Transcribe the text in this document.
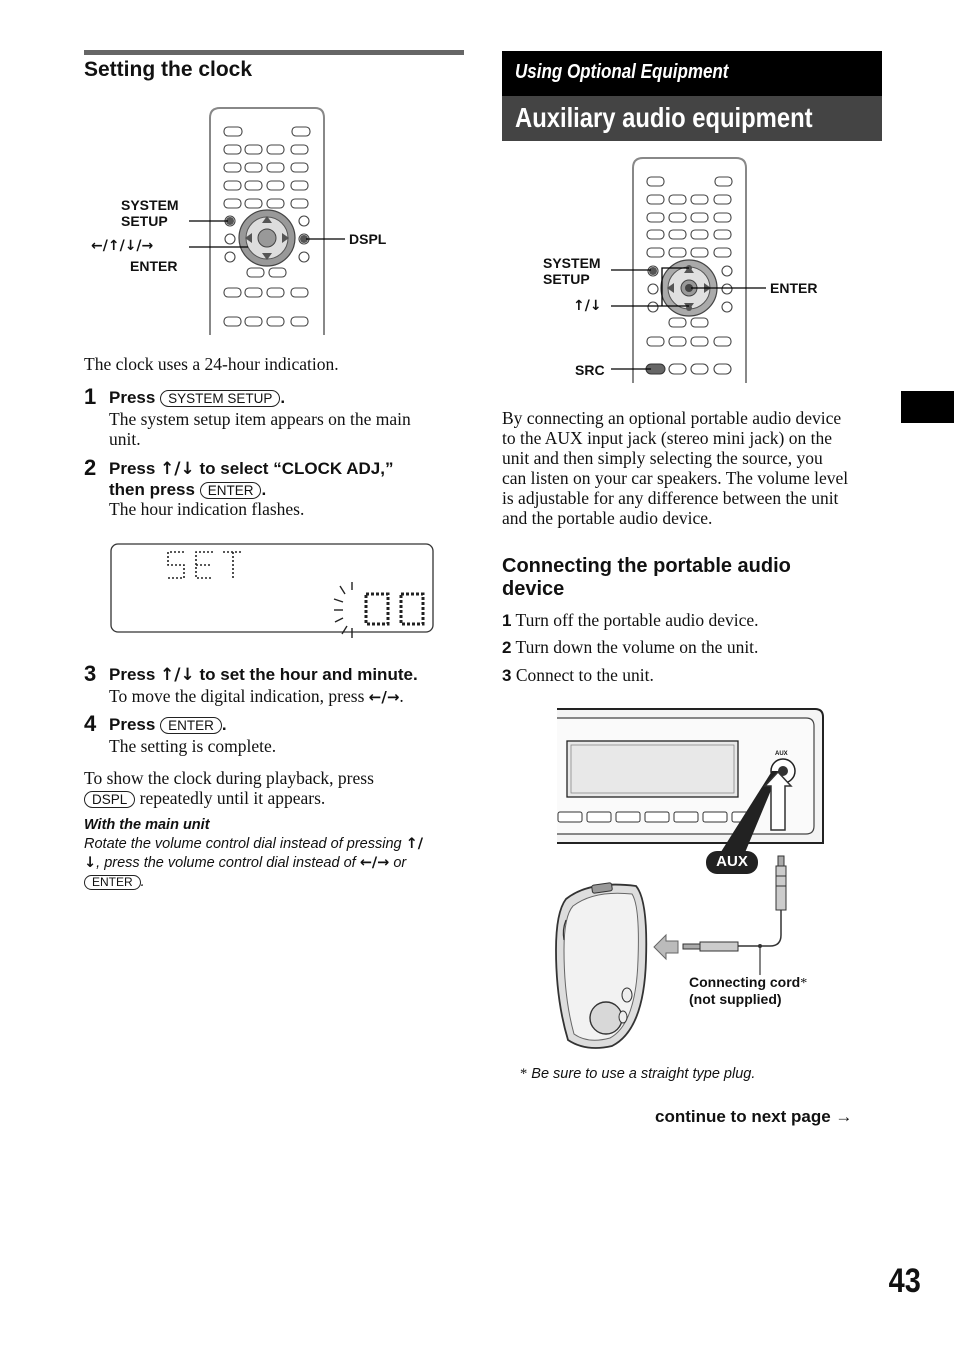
Setting the clock
SYSTEM
SETUP
←/↑/↓/→
ENTER
DSPL
The clock uses a 24-hour indication.
1 Press SYSTEM SETUP .
The system setup item appears on the main
unit.
2 Press ↑/↓ to select “CLOCK ADJ,”
then press ENTER .
The hour indication flashes.
3 Press ↑/↓ to set the hour and minute.
To move the digital indication, press ←/→.
4 Press ENTER .
The setting is complete.
To show the clock during playback, press
DSPL repeatedly until it appears.
With the main unit
Rotate the volume control dial instead of pressing ↑/
↓, press the volume control dial instead of ←/→ or
ENTER .
Using Optional Equipment
Auxiliary audio equipment
SYSTEM
SETUP
↑/↓
SRC
ENTER
By connecting an optional portable audio device
to the AUX input jack (stereo mini jack) on the
unit and then simply selecting the source, you
can listen on your car speakers. The volume level
is adjustable for any difference between the unit
and the portable audio device.
Connecting the portable audio
device
1 Turn off the portable audio device.
2 Turn down the volume on the unit.
3 Connect to the unit.
AUX
AUX
Connecting cord*
(not supplied)
* Be sure to use a straight type plug.
continue to next page →
43
